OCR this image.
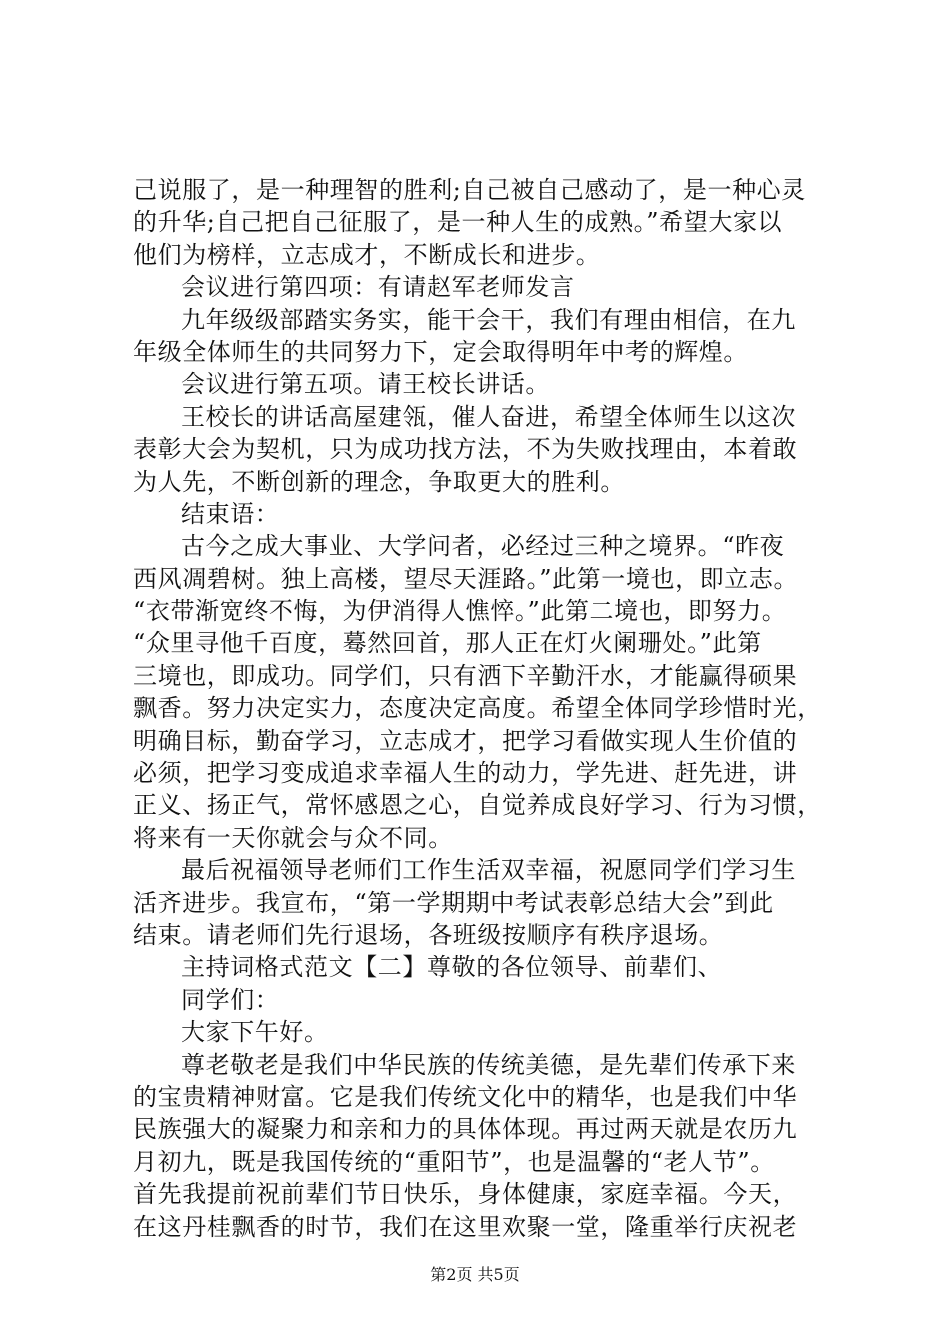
己说服了，是一种理智的胜利;自己被自己感动了，是一种心灵
的升华;自己把自己征服了，是一种人生的成熟。”希望大家以
他们为榜样，立志成才，不断成长和进步。
会议进行第四项：有请赵军老师发言
九年级级部踏实务实，能干会干，我们有理由相信，在九
年级全体师生的共同努力下，定会取得明年中考的辉煌。
会议进行第五项。请王校长讲话。
王校长的讲话高屋建瓴，催人奋进，希望全体师生以这次
表彰大会为契机，只为成功找方法，不为失败找理由，本着敢
为人先，不断创新的理念，争取更大的胜利。
结束语：
古今之成大事业、大学问者，必经过三种之境界。“昨夜
西风凋碧树。独上高楼，望尽天涯路。”此第一境也，即立志。
“衣带渐宽终不悔，为伊消得人憔悴。”此第二境也，即努力。
“众里寻他千百度，蓦然回首，那人正在灯火阑珊处。”此第
三境也，即成功。同学们，只有洒下辛勤汗水，才能赢得硕果
飘香。努力决定实力，态度决定高度。希望全体同学珍惜时光，
明确目标，勤奋学习，立志成才，把学习看做实现人生价值的
必须，把学习变成追求幸福人生的动力，学先进、赶先进，讲
正义、扬正气，常怀感恩之心，自觉养成良好学习、行为习惯，
将来有一天你就会与众不同。
最后祝福领导老师们工作生活双幸福，祝愿同学们学习生
活齐进步。我宣布，“第一学期期中考试表彰总结大会”到此
结束。请老师们先行退场，各班级按顺序有秩序退场。
主持词格式范文【二】尊敬的各位领导、前辈们、
同学们：
大家下午好。
尊老敬老是我们中华民族的传统美德，是先辈们传承下来
的宝贵精神财富。它是我们传统文化中的精华，也是我们中华
民族强大的凝聚力和亲和力的具体体现。再过两天就是农历九
月初九，既是我国传统的“重阳节”，也是温馨的“老人节”。
首先我提前祝前辈们节日快乐，身体健康，家庭幸福。今天，
在这丹桂飘香的时节，我们在这里欢聚一堂，隆重举行庆祝老
第2页 共5页
